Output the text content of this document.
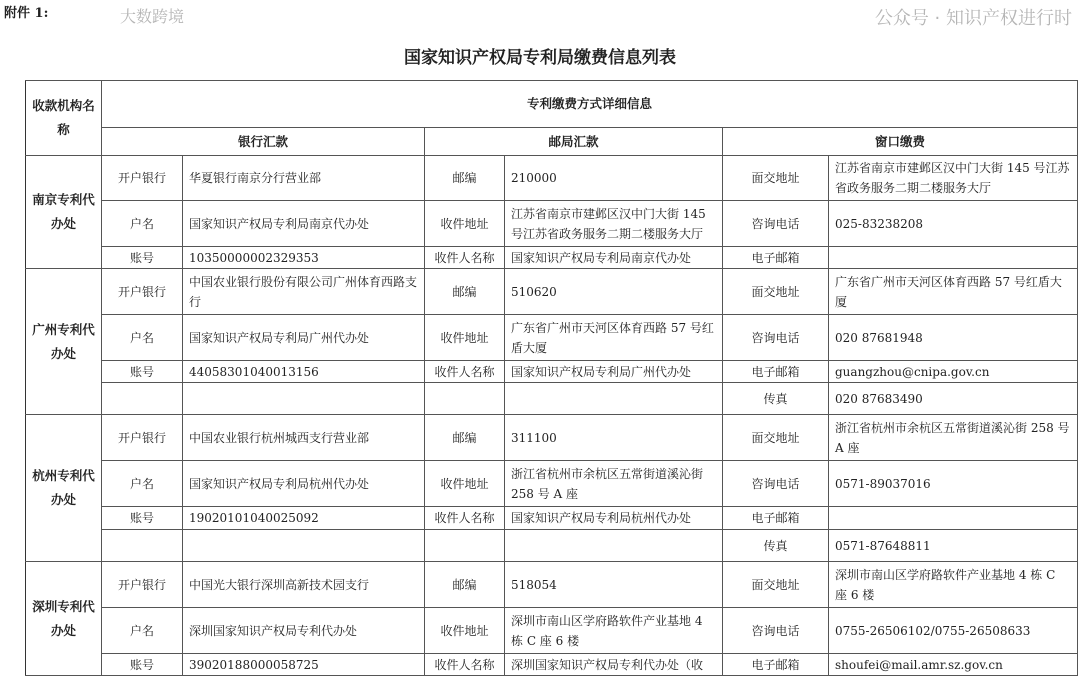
附件 1:
国家知识产权局专利局缴费信息列表
收款机构名称	专利缴费方式详细信息					
	银行汇款		邮局汇款		窗口缴费	
南京专利代办处	开户银行	华夏银行南京分行营业部	邮编	210000	面交地址	江苏省南京市建邺区汉中门大街 145 号江苏省政务服务二期二楼服务大厅
	户名	国家知识产权局专利局南京代办处	收件地址	江苏省南京市建邺区汉中门大街 145 号江苏省政务服务二期二楼服务大厅	咨询电话	025-83238208
	账号	10350000002329353	收件人名称	国家知识产权局专利局南京代办处	电子邮箱	
广州专利代办处	开户银行	中国农业银行股份有限公司广州体育西路支行	邮编	510620	面交地址	广东省广州市天河区体育西路 57 号红盾大厦
	户名	国家知识产权局专利局广州代办处	收件地址	广东省广州市天河区体育西路 57 号红盾大厦	咨询电话	020 87681948
	账号	44058301040013156	收件人名称	国家知识产权局专利局广州代办处	电子邮箱	guangzhou@cnipa.gov.cn
					传真	020 87683490
杭州专利代办处	开户银行	中国农业银行杭州城西支行营业部	邮编	311100	面交地址	浙江省杭州市余杭区五常街道溪沁街 258 号 A 座
	户名	国家知识产权局专利局杭州代办处	收件地址	浙江省杭州市余杭区五常街道溪沁街 258 号 A 座	咨询电话	0571-89037016
	账号	19020101040025092	收件人名称	国家知识产权局专利局杭州代办处	电子邮箱	
					传真	0571-87648811
深圳专利代办处	开户银行	中国光大银行深圳高新技术园支行	邮编	518054	面交地址	深圳市南山区学府路软件产业基地 4 栋 C 座 6 楼
	户名	深圳国家知识产权局专利代办处	收件地址	深圳市南山区学府路软件产业基地 4 栋 C 座 6 楼	咨询电话	0755-26506102/0755-26508633
	账号	39020188000058725	收件人名称	深圳国家知识产权局专利代办处（收	电子邮箱	shoufei@mail.amr.sz.gov.cn
公众号 · 知识产权进行时
大数跨境
